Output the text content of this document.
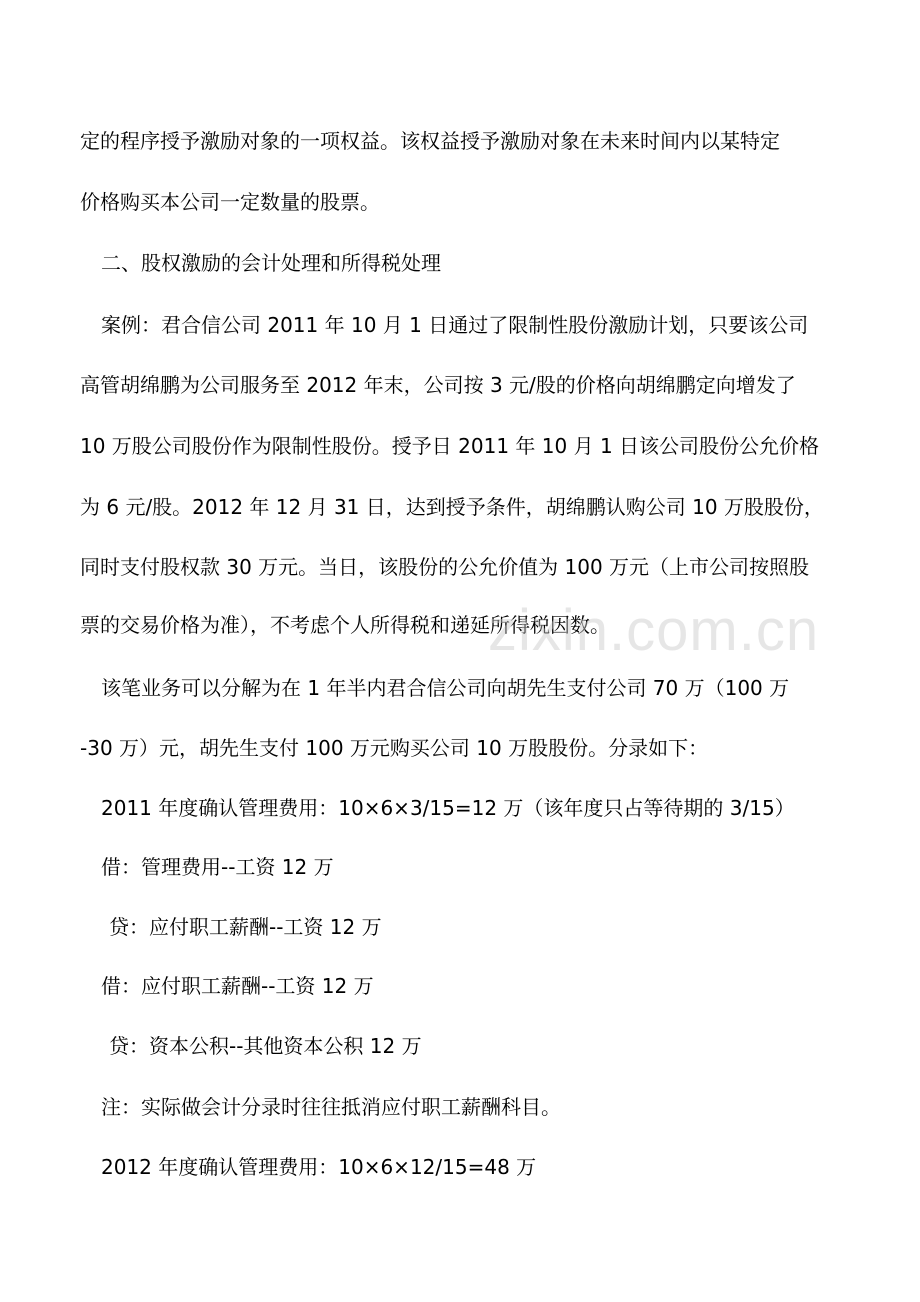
定的程序授予激励对象的一项权益。该权益授予激励对象在未来时间内以某特定
价格购买本公司一定数量的股票。
二、股权激励的会计处理和所得税处理
案例：君合信公司 2011 年 10 月 1 日通过了限制性股份激励计划，只要该公司
高管胡绵鹏为公司服务至 2012 年末，公司按 3 元/股的价格向胡绵鹏定向增发了
10 万股公司股份作为限制性股份。授予日 2011 年 10 月 1 日该公司股份公允价格
为 6 元/股。2012 年 12 月 31 日，达到授予条件，胡绵鹏认购公司 10 万股股份，
同时支付股权款 30 万元。当日，该股份的公允价值为 100 万元（上市公司按照股
票的交易价格为准），不考虑个人所得税和递延所得税因数。
该笔业务可以分解为在 1 年半内君合信公司向胡先生支付公司 70 万（100 万
-30 万）元，胡先生支付 100 万元购买公司 10 万股股份。分录如下：
2011 年度确认管理费用：10×6×3/15=12 万（该年度只占等待期的 3/15）
借：管理费用--工资 12 万
贷：应付职工薪酬--工资 12 万
借：应付职工薪酬--工资 12 万
贷：资本公积--其他资本公积 12 万
注：实际做会计分录时往往抵消应付职工薪酬科目。
2012 年度确认管理费用：10×6×12/15=48 万
zixin.com.cn
